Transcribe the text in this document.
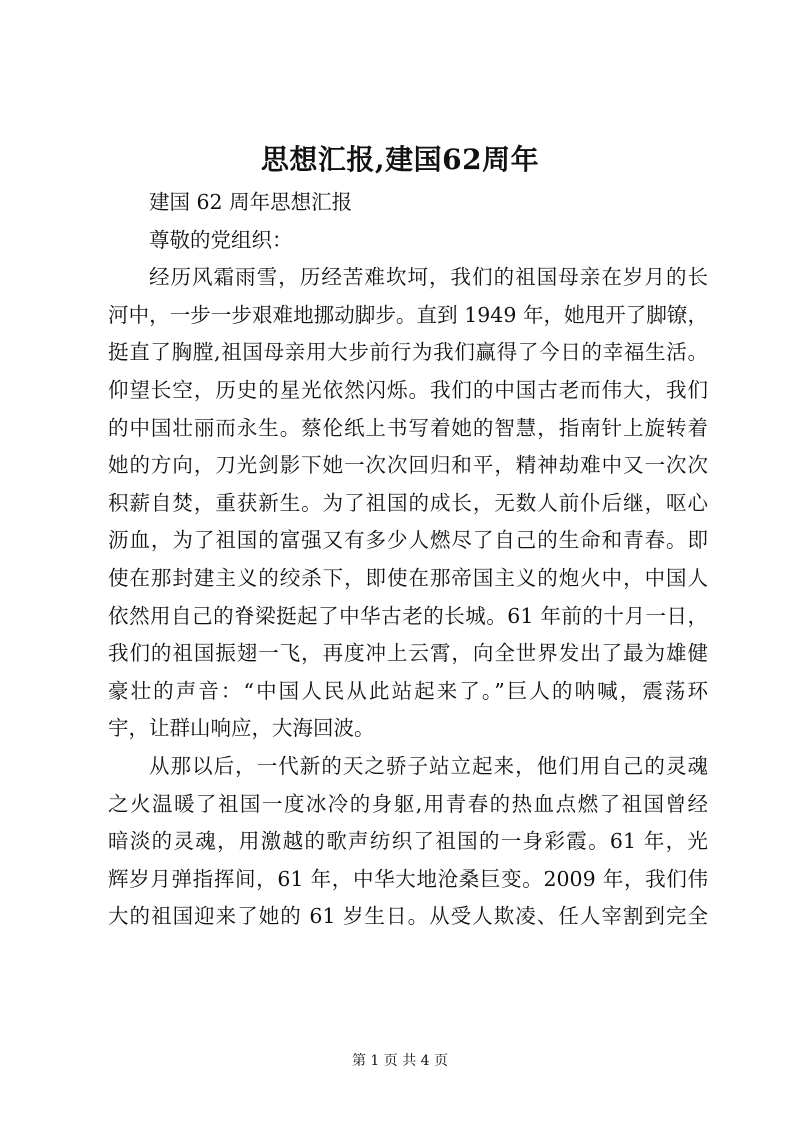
思想汇报,建国62周年
建国 62 周年思想汇报
尊敬的党组织：
经历风霜雨雪，历经苦难坎坷，我们的祖国母亲在岁月的长
河中，一步一步艰难地挪动脚步。直到 1949 年，她甩开了脚镣，
挺直了胸膛,祖国母亲用大步前行为我们赢得了今日的幸福生活。
仰望长空，历史的星光依然闪烁。我们的中国古老而伟大，我们
的中国壮丽而永生。蔡伦纸上书写着她的智慧，指南针上旋转着
她的方向，刀光剑影下她一次次回归和平，精神劫难中又一次次
积薪自焚，重获新生。为了祖国的成长，无数人前仆后继，呕心
沥血，为了祖国的富强又有多少人燃尽了自己的生命和青春。即
使在那封建主义的绞杀下，即使在那帝国主义的炮火中，中国人
依然用自己的脊梁挺起了中华古老的长城。61 年前的十月一日，
我们的祖国振翅一飞，再度冲上云霄，向全世界发出了最为雄健
豪壮的声音：“中国人民从此站起来了。”巨人的呐喊，震荡环
宇，让群山响应，大海回波。
从那以后，一代新的天之骄子站立起来，他们用自己的灵魂
之火温暖了祖国一度冰冷的身躯,用青春的热血点燃了祖国曾经
暗淡的灵魂，用激越的歌声纺织了祖国的一身彩霞。61 年，光
辉岁月弹指挥间，61 年，中华大地沧桑巨变。2009 年，我们伟
大的祖国迎来了她的 61 岁生日。从受人欺凌、任人宰割到完全
第 1 页 共 4 页
